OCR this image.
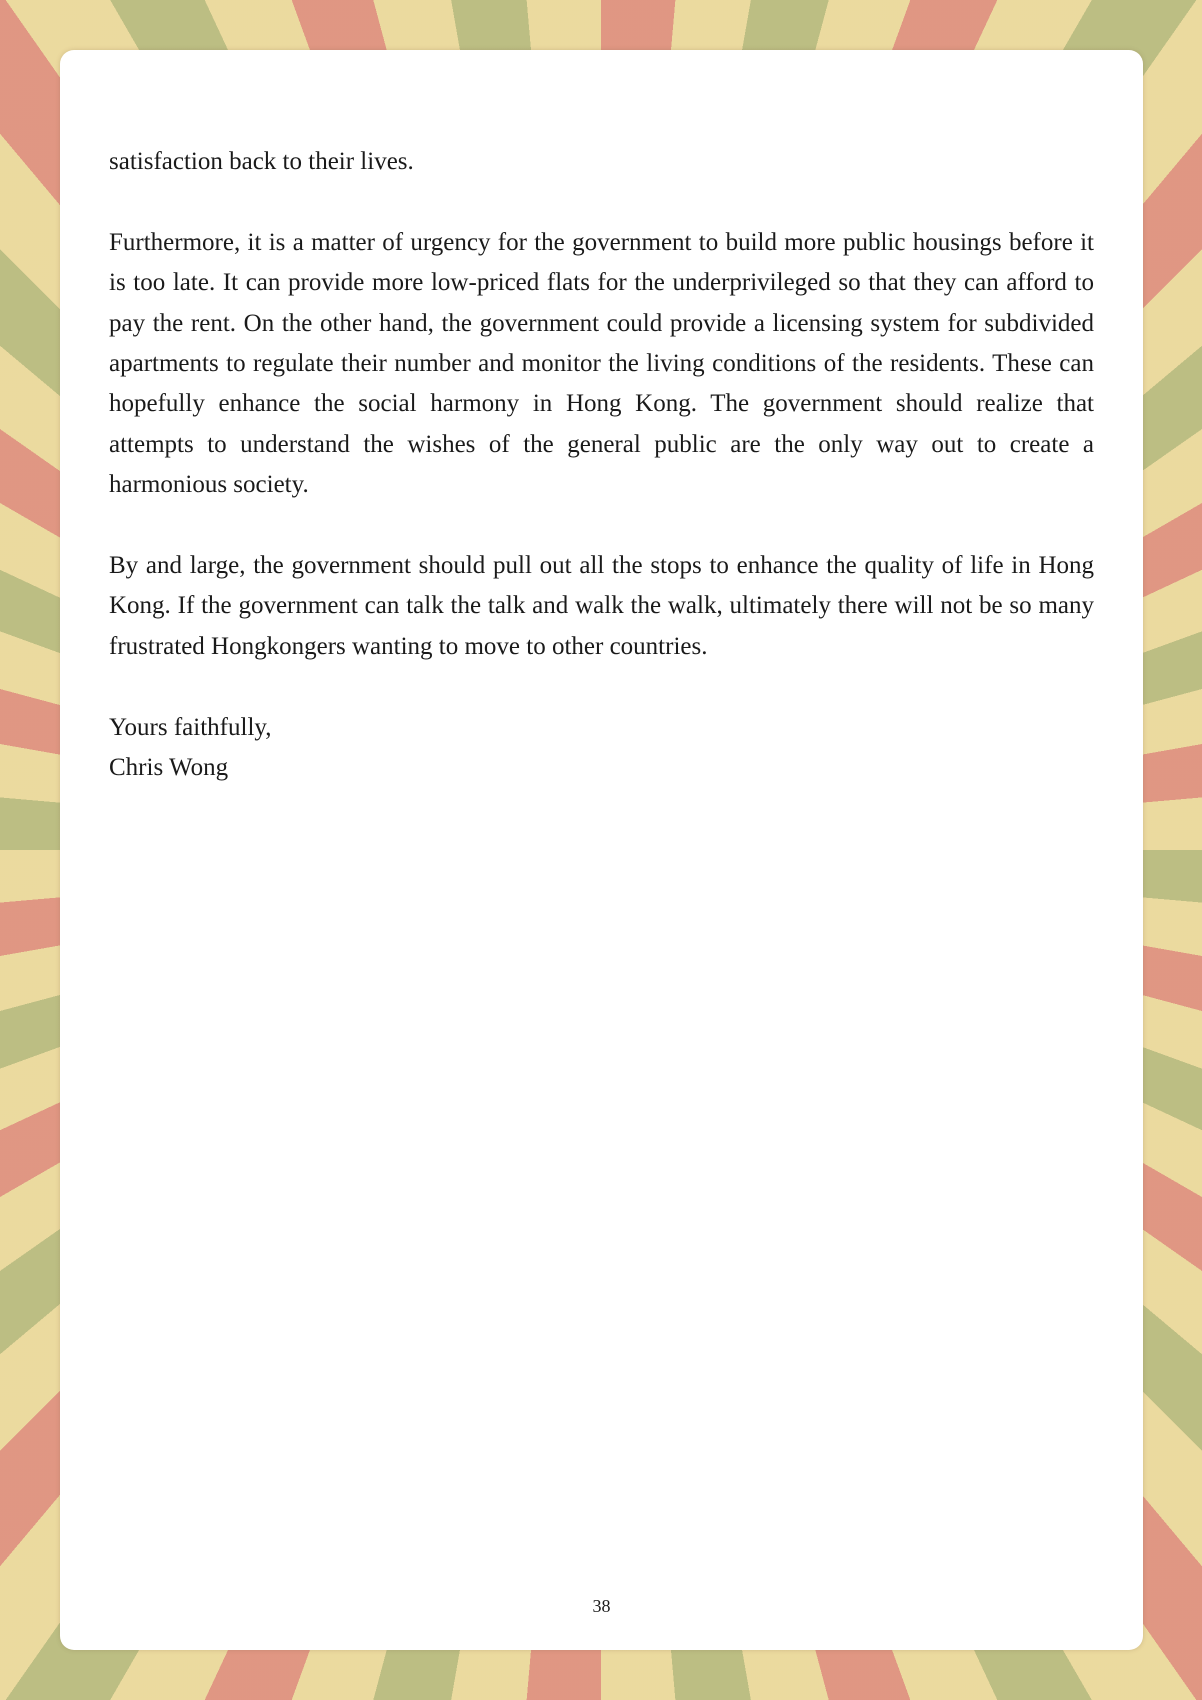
satisfaction back to their lives.

Furthermore, it is a matter of urgency for the government to build more public housings before it is too late. It can provide more low-priced flats for the underprivileged so that they can afford to pay the rent. On the other hand, the government could provide a licensing system for subdivided apartments to regulate their number and monitor the living conditions of the residents. These can hopefully enhance the social harmony in Hong Kong. The government should realize that attempts to understand the wishes of the general public are the only way out to create a harmonious society.

By and large, the government should pull out all the stops to enhance the quality of life in Hong Kong. If the government can talk the talk and walk the walk, ultimately there will not be so many frustrated Hongkongers wanting to move to other countries.

Yours faithfully,

Chris Wong

38
